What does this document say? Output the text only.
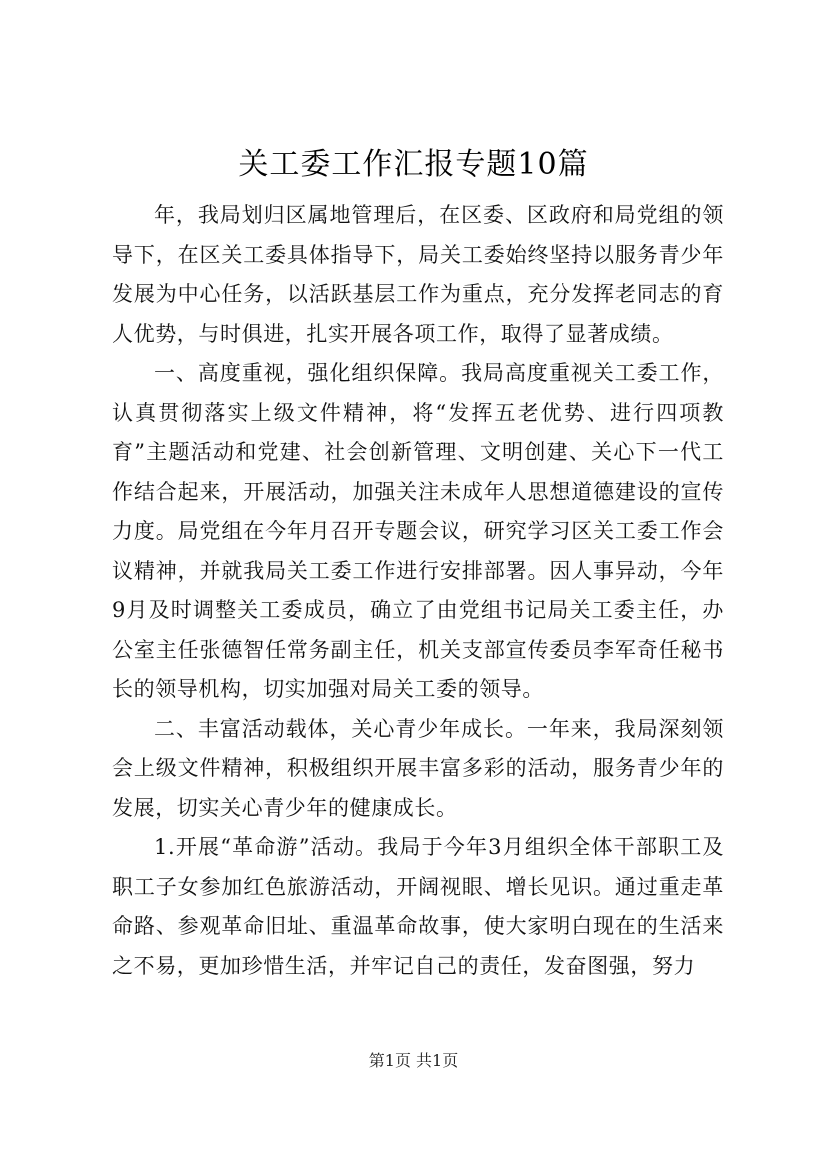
关工委工作汇报专题10篇

年，我局划归区属地管理后，在区委、区政府和局党组的领导下，在区关工委具体指导下，局关工委始终坚持以服务青少年发展为中心任务，以活跃基层工作为重点，充分发挥老同志的育人优势，与时俱进，扎实开展各项工作，取得了显著成绩。

一、高度重视，强化组织保障。我局高度重视关工委工作，认真贯彻落实上级文件精神，将“发挥五老优势、进行四项教育”主题活动和党建、社会创新管理、文明创建、关心下一代工作结合起来，开展活动，加强关注未成年人思想道德建设的宣传力度。局党组在今年月召开专题会议，研究学习区关工委工作会议精神，并就我局关工委工作进行安排部署。因人事异动，今年9月及时调整关工委成员，确立了由党组书记局关工委主任，办公室主任张德智任常务副主任，机关支部宣传委员李军奇任秘书长的领导机构，切实加强对局关工委的领导。

二、丰富活动载体，关心青少年成长。一年来，我局深刻领会上级文件精神，积极组织开展丰富多彩的活动，服务青少年的发展，切实关心青少年的健康成长。

1.开展“革命游”活动。我局于今年3月组织全体干部职工及职工子女参加红色旅游活动，开阔视眼、增长见识。通过重走革命路、参观革命旧址、重温革命故事，使大家明白现在的生活来之不易，更加珍惜生活，并牢记自己的责任，发奋图强，努力

第1页 共1页
